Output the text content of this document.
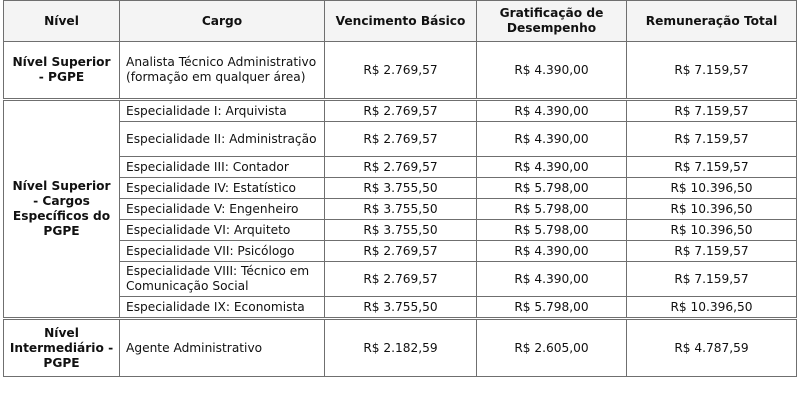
Nível	Cargo	Vencimento Básico	Gratificação de Desempenho	Remuneração Total
Nível Superior - PGPE	Analista Técnico Administrativo (formação em qualquer área)	R$ 2.769,57	R$ 4.390,00	R$ 7.159,57
Nível Superior - Cargos Específicos do PGPE	Especialidade I: Arquivista	R$ 2.769,57	R$ 4.390,00	R$ 7.159,57
	Especialidade II: Administração	R$ 2.769,57	R$ 4.390,00	R$ 7.159,57
	Especialidade III: Contador	R$ 2.769,57	R$ 4.390,00	R$ 7.159,57
	Especialidade IV: Estatístico	R$ 3.755,50	R$ 5.798,00	R$ 10.396,50
	Especialidade V: Engenheiro	R$ 3.755,50	R$ 5.798,00	R$ 10.396,50
	Especialidade VI: Arquiteto	R$ 3.755,50	R$ 5.798,00	R$ 10.396,50
	Especialidade VII: Psicólogo	R$ 2.769,57	R$ 4.390,00	R$ 7.159,57
	Especialidade VIII: Técnico em Comunicação Social	R$ 2.769,57	R$ 4.390,00	R$ 7.159,57
	Especialidade IX: Economista	R$ 3.755,50	R$ 5.798,00	R$ 10.396,50
Nível Intermediário - PGPE	Agente Administrativo	R$ 2.182,59	R$ 2.605,00	R$ 4.787,59
